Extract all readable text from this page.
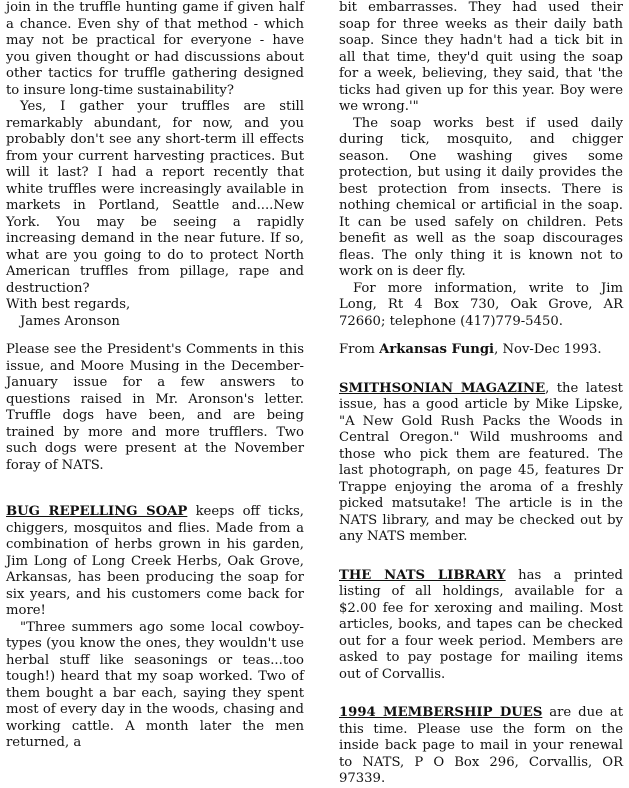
join in the truffle hunting game if given half a chance. Even shy of that method - which may not be practical for everyone - have you given thought or had discussions about other tactics for truffle gathering designed to insure long-time sustainability?

Yes, I gather your truffles are still remarkably abundant, for now, and you probably don't see any short-term ill effects from your current harvesting practices. But will it last? I had a report recently that white truffles were increasingly available in markets in Portland, Seattle and....New York. You may be seeing a rapidly increasing demand in the near future. If so, what are you going to do to protect North American truffles from pillage, rape and destruction?

With best regards,

James Aronson

Please see the President's Comments in this issue, and Moore Musing in the December-January issue for a few answers to questions raised in Mr. Aronson's letter. Truffle dogs have been, and are being trained by more and more trufflers. Two such dogs were present at the November foray of NATS.

BUG REPELLING SOAP keeps off ticks, chiggers, mosquitos and flies. Made from a combination of herbs grown in his garden, Jim Long of Long Creek Herbs, Oak Grove, Arkansas, has been producing the soap for six years, and his customers come back for more!

"Three summers ago some local cowboy-types (you know the ones, they wouldn't use herbal stuff like seasonings or teas...too tough!) heard that my soap worked. Two of them bought a bar each, saying they spent most of every day in the woods, chasing and working cattle. A month later the men returned, a

bit embarrasses. They had used their soap for three weeks as their daily bath soap. Since they hadn't had a tick bit in all that time, they'd quit using the soap for a week, believing, they said, that 'the ticks had given up for this year. Boy were we wrong.'"

The soap works best if used daily during tick, mosquito, and chigger season. One washing gives some protection, but using it daily provides the best protection from insects. There is nothing chemical or artificial in the soap. It can be used safely on children. Pets benefit as well as the soap discourages fleas. The only thing it is known not to work on is deer fly.

For more information, write to Jim Long, Rt 4 Box 730, Oak Grove, AR 72660; telephone (417)779-5450.

From Arkansas Fungi, Nov-Dec 1993.

SMITHSONIAN MAGAZINE, the latest issue, has a good article by Mike Lipske, "A New Gold Rush Packs the Woods in Central Oregon." Wild mushrooms and those who pick them are featured. The last photograph, on page 45, features Dr Trappe enjoying the aroma of a freshly picked matsutake! The article is in the NATS library, and may be checked out by any NATS member.

THE NATS LIBRARY has a printed listing of all holdings, available for a $2.00 fee for xeroxing and mailing. Most articles, books, and tapes can be checked out for a four week period. Members are asked to pay postage for mailing items out of Corvallis.

1994 MEMBERSHIP DUES are due at this time. Please use the form on the inside back page to mail in your renewal to NATS, P O Box 296, Corvallis, OR 97339.
